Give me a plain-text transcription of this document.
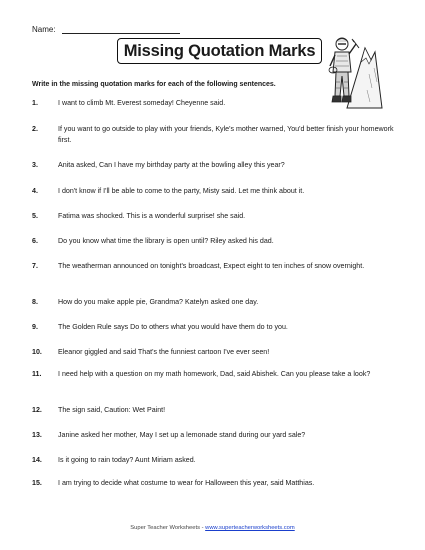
Name:
Missing Quotation Marks
Write in the missing quotation marks for each of the following sentences.
1.	I want to climb Mt. Everest someday! Cheyenne said.
2.	If you want to go outside to play with your friends, Kyle's mother warned, You'd better finish your homework first.
3.	Anita asked, Can I have my birthday party at the bowling alley this year?
4.	I don't know if I'll be able to come to the party, Misty said. Let me think about it.
5.	Fatima was shocked. This is a wonderful surprise! she said.
6.	Do you know what time the library is open until? Riley asked his dad.
7.	The weatherman announced on tonight's broadcast, Expect eight to ten inches of snow overnight.
8.	How do you make apple pie, Grandma? Katelyn asked one day.
9.	The Golden Rule says Do to others what you would have them do to you.
10.	Eleanor giggled and said That's the funniest cartoon I've ever seen!
11.	I need help with a question on my math homework, Dad, said Abishek. Can you please take a look?
12.	The sign said, Caution: Wet Paint!
13.	Janine asked her mother, May I set up a lemonade stand during our yard sale?
14.	Is it going to rain today? Aunt Miriam asked.
15.	I am trying to decide what costume to wear for Halloween this year, said Matthias.
Super Teacher Worksheets - www.superteacherworksheets.com
